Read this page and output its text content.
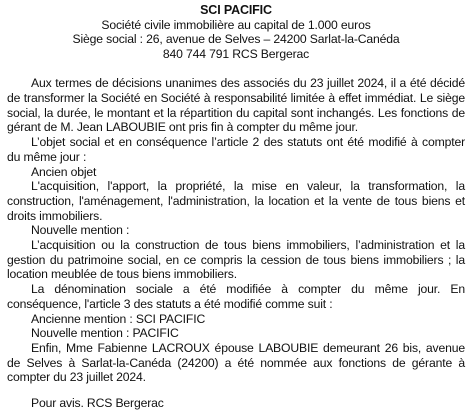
SCI PACIFIC

Société civile immobilière au capital de 1.000 euros

Siège social : 26, avenue de Selves – 24200 Sarlat-la-Canéda

840 744 791 RCS Bergerac

Aux termes de décisions unanimes des associés du 23 juillet 2024, il a été décidé de transformer la Société en Société à responsabilité limitée à effet immédiat. Le siège social, la durée, le montant et la répartition du capital sont inchangés. Les fonctions de gérant de M. Jean LABOUBIE ont pris fin à compter du même jour.

L’objet social et en conséquence l’article 2 des statuts ont été modifié à compter du même jour :

Ancien objet

L'acquisition, l'apport, la propriété, la mise en valeur, la transformation, la construction, l'aménagement, l'administration, la location et la vente de tous biens et droits immobiliers.

Nouvelle mention :

L’acquisition ou la construction de tous biens immobiliers, l’administration et la gestion du patrimoine social, en ce compris la cession de tous biens immobiliers ; la location meublée de tous biens immobiliers.

La dénomination sociale a été modifiée à compter du même jour. En conséquence, l'article 3 des statuts a été modifié comme suit :

Ancienne mention : SCI PACIFIC

Nouvelle mention : PACIFIC

Enfin, Mme Fabienne LACROUX épouse LABOUBIE demeurant 26 bis, avenue de Selves à Sarlat-la-Canéda (24200) a été nommée aux fonctions de gérante à compter du 23 juillet 2024.

Pour avis. RCS Bergerac
